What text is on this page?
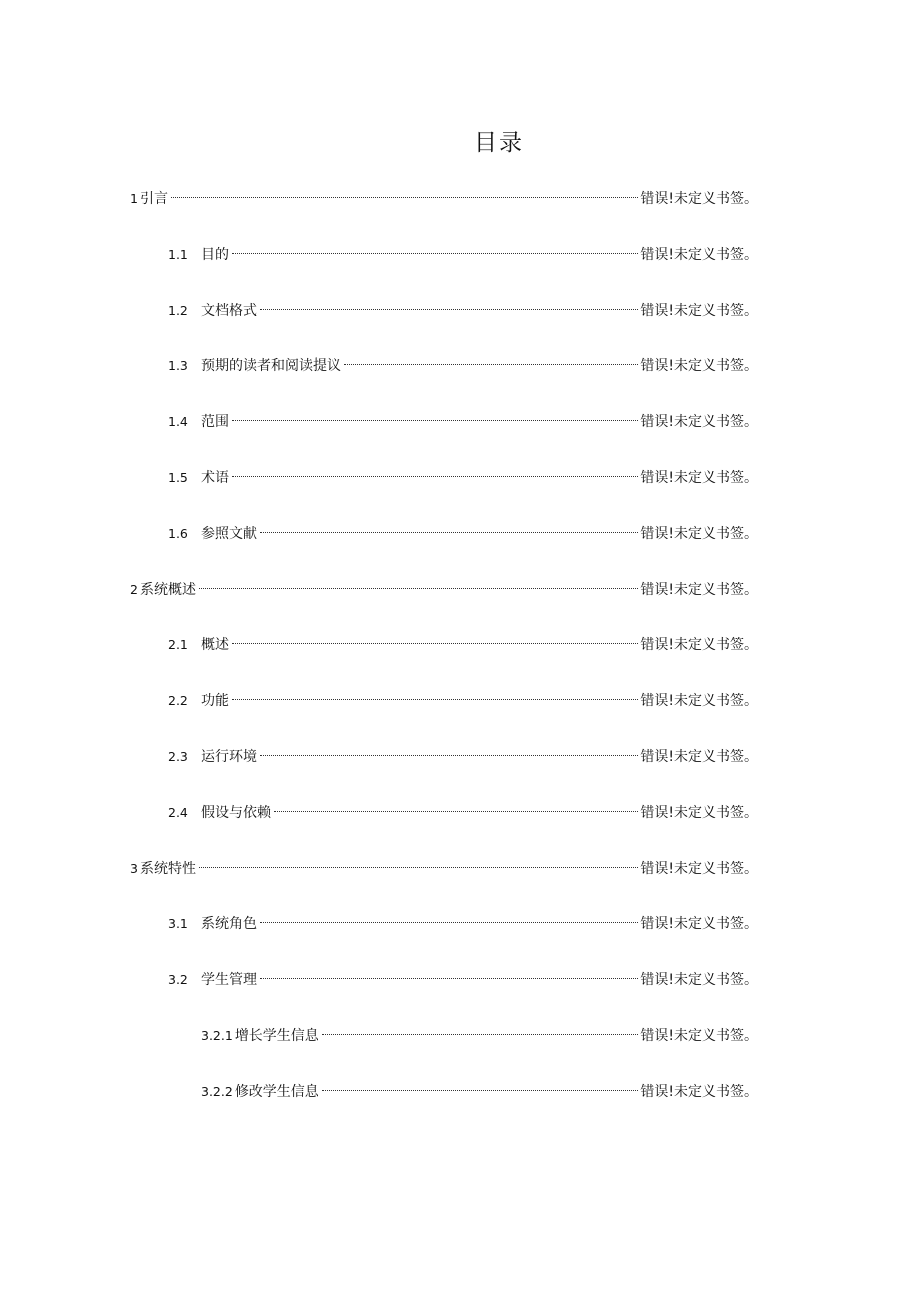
目录
1 引言	错误!未定义书签。
1.1 目的	错误!未定义书签。
1.2 文档格式	错误!未定义书签。
1.3 预期的读者和阅读提议	错误!未定义书签。
1.4 范围	错误!未定义书签。
1.5 术语	错误!未定义书签。
1.6 参照文献	错误!未定义书签。
2 系统概述	错误!未定义书签。
2.1 概述	错误!未定义书签。
2.2 功能	错误!未定义书签。
2.3 运行环境	错误!未定义书签。
2.4 假设与依赖	错误!未定义书签。
3 系统特性	错误!未定义书签。
3.1 系统角色	错误!未定义书签。
3.2 学生管理	错误!未定义书签。
3.2.1 增长学生信息	错误!未定义书签。
3.2.2 修改学生信息	错误!未定义书签。
